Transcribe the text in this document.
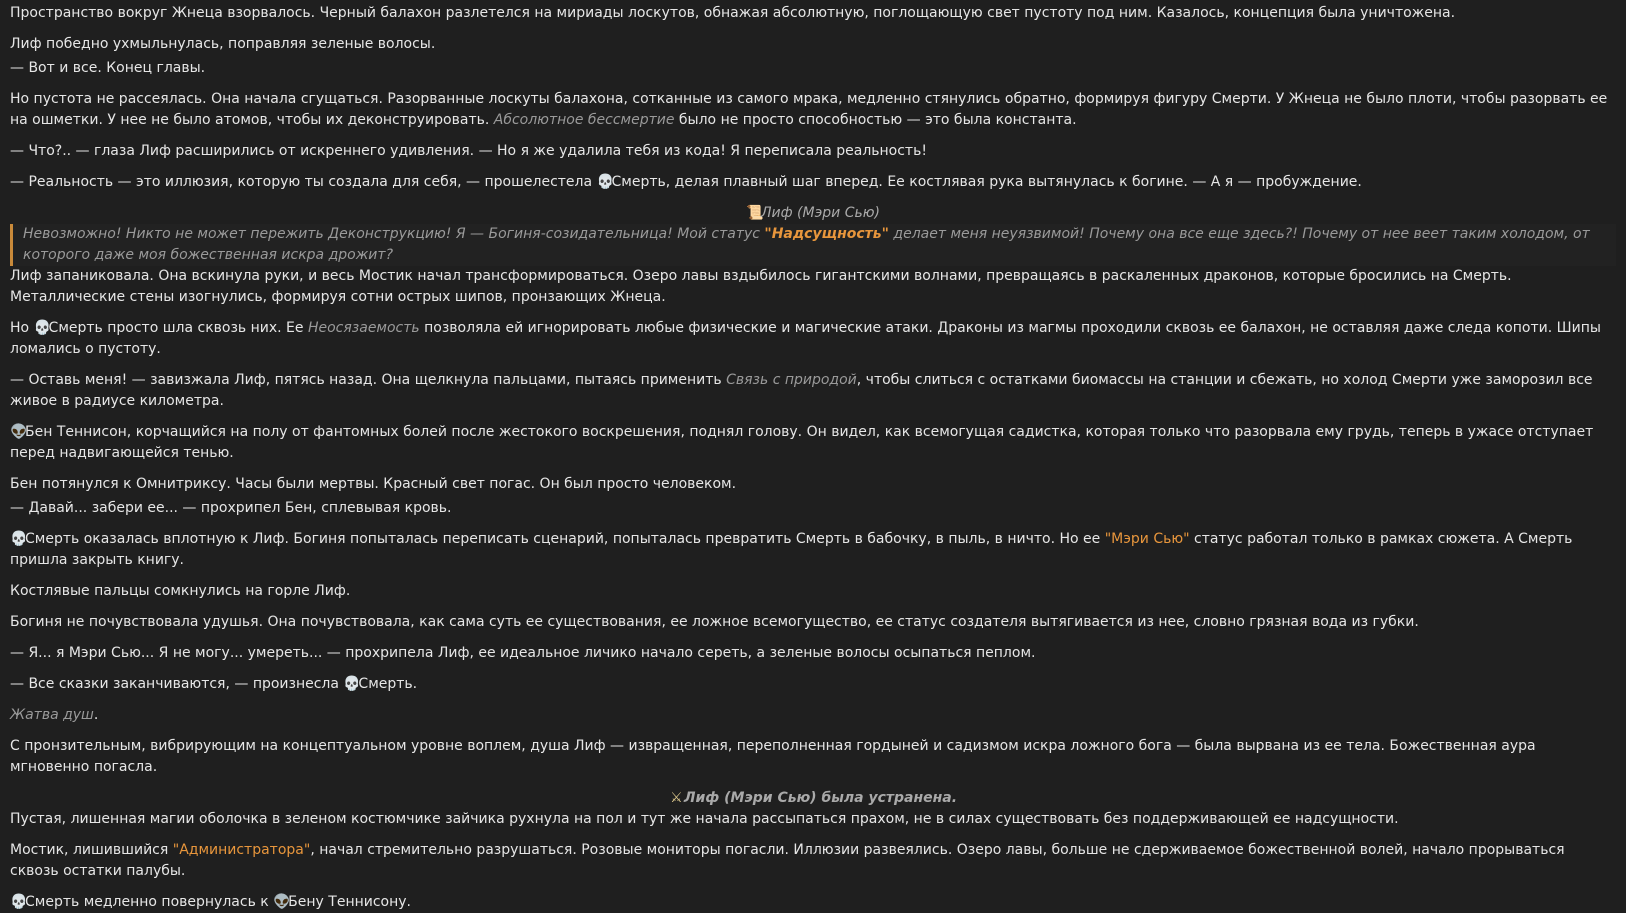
Пространство вокруг Жнеца взорвалось. Черный балахон разлетелся на мириады лоскутов, обнажая абсолютную, поглощающую свет пустоту под ним. Казалось, концепция была уничтожена.

Лиф победно ухмыльнулась, поправляя зеленые волосы.

— Вот и все. Конец главы.

Но пустота не рассеялась. Она начала сгущаться. Разорванные лоскуты балахона, сотканные из самого мрака, медленно стянулись обратно, формируя фигуру Смерти. У Жнеца не было плоти, чтобы разорвать ее на ошметки. У нее не было атомов, чтобы их деконструировать. Абсолютное бессмертие было не просто способностью — это была константа.

— Что?.. — глаза Лиф расширились от искреннего удивления. — Но я же удалила тебя из кода! Я переписала реальность!

— Реальность — это иллюзия, которую ты создала для себя, — прошелестела 💀Смерть, делая плавный шаг вперед. Ее костлявая рука вытянулась к богине. — А я — пробуждение.

📜Лиф (Мэри Сью)
Невозможно! Никто не может пережить Деконструкцию! Я — Богиня-созидательница! Мой статус "Надсущность" делает меня неуязвимой! Почему она все еще здесь?! Почему от нее веет таким холодом, от которого даже моя божественная искра дрожит?

Лиф запаниковала. Она вскинула руки, и весь Мостик начал трансформироваться. Озеро лавы вздыбилось гигантскими волнами, превращаясь в раскаленных драконов, которые бросились на Смерть. Металлические стены изогнулись, формируя сотни острых шипов, пронзающих Жнеца.

Но 💀Смерть просто шла сквозь них. Ее Неосязаемость позволяла ей игнорировать любые физические и магические атаки. Драконы из магмы проходили сквозь ее балахон, не оставляя даже следа копоти. Шипы ломались о пустоту.

— Оставь меня! — завизжала Лиф, пятясь назад. Она щелкнула пальцами, пытаясь применить Связь с природой, чтобы слиться с остатками биомассы на станции и сбежать, но холод Смерти уже заморозил все живое в радиусе километра.

👽Бен Теннисон, корчащийся на полу от фантомных болей после жестокого воскрешения, поднял голову. Он видел, как всемогущая садистка, которая только что разорвала ему грудь, теперь в ужасе отступает перед надвигающейся тенью.

Бен потянулся к Омнитриксу. Часы были мертвы. Красный свет погас. Он был просто человеком.

— Давай... забери ее... — прохрипел Бен, сплевывая кровь.

💀Смерть оказалась вплотную к Лиф. Богиня попыталась переписать сценарий, попыталась превратить Смерть в бабочку, в пыль, в ничто. Но ее "Мэри Сью" статус работал только в рамках сюжета. А Смерть пришла закрыть книгу.

Костлявые пальцы сомкнулись на горле Лиф.

Богиня не почувствовала удушья. Она почувствовала, как сама суть ее существования, ее ложное всемогущество, ее статус создателя вытягивается из нее, словно грязная вода из губки.

— Я... я Мэри Сью... Я не могу... умереть... — прохрипела Лиф, ее идеальное личико начало сереть, а зеленые волосы осыпаться пеплом.

— Все сказки заканчиваются, — произнесла 💀Смерть.

Жатва душ.

С пронзительным, вибрирующим на концептуальном уровне воплем, душа Лиф — извращенная, переполненная гордыней и садизмом искра ложного бога — была вырвана из ее тела. Божественная аура мгновенно погасла.

⚔Лиф (Мэри Сью) была устранена.

Пустая, лишенная магии оболочка в зеленом костюмчике зайчика рухнула на пол и тут же начала рассыпаться прахом, не в силах существовать без поддерживающей ее надсущности.

Мостик, лишившийся "Администратора", начал стремительно разрушаться. Розовые мониторы погасли. Иллюзии развеялись. Озеро лавы, больше не сдерживаемое божественной волей, начало прорываться сквозь остатки палубы.

💀Смерть медленно повернулась к 👽Бену Теннисону.
